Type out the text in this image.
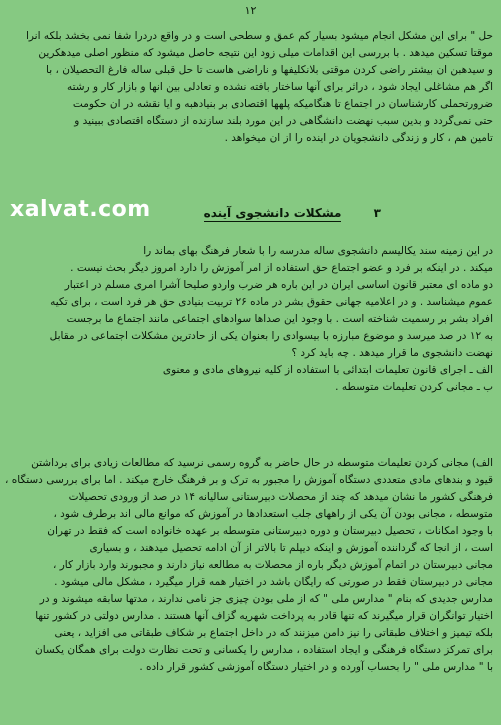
۱۲
حل " برای این مشکل انجام میشود بسیار کم عمق و سطحی است و در واقع دردرا شفا نمی بخشد بلکه انرا
موقتا تسکین میدهد . با بررسی این اقدامات میلی زود این نتیجه حاصل میشود که منظور اصلی میدهکرین
و سیدهبن ان بیشتر راضی کردن موقتی بلانکلیفها و ناراضی هاست تا حل قبلی ساله فارغ التحصیلان ، با
اگر هم مشاغلی ایجاد شود ، دراثر برای آنها ساختار بافته نشده و تعادلی بین انها و بازار کار و رشته
ضرورتحملی کارشناسان در اجتماع تا هنگامیکه پلهها اقتصادی بر بنیادهبه و ایا نقشه در ان حکومت
حتی نمی‌گردد و بدین سبب نهضت دانشگاهی در این مورد بلند سازنده از دستگاه اقتصادی ببینید و
تامین هم ، کار و زندگی دانشجویان در اینده را از ان میخواهد .
xalvat.com	۳ مشکلات دانشجوی آینده
در این زمینه سند یکالیسم دانشجوی ساله مدرسه را با شعار فرهنگ بهای بماند را
میکند . در اینکه بر فرد و عضو اجتماع حق استفاده از امر آموزش را دارد امروز دیگر بحث نیست .
دو ماده ای معتبر قانون اساسی ایران در این باره هر ضرب واردو صلیحا آشرا امری مسلم در اعتبار
عموم میشناسد . و در اعلامیه جهانی حقوق بشر در ماده ۲۶ تربیت بنیادی حق هر فرد است ، برای تکیه
افراد بشر بر رسمیت شناخته است . با وجود این صداها سوادهای اجتماعی مانند اجتماع ما برجست
به ۱۲ در صد میرسد و موضوع مبارزه با بیسوادی را بعنوان یکی از حادترین مشکلات اجتماعی در مقابل
نهضت دانشجوی ما قرار میدهد . چه باید کرد ؟
الف ـ اجرای قانون تعلیمات ابتدائی با استفاده از کلیه نیروهای مادی و معنوی
ب ـ مجانی کردن تعلیمات متوسطه .
الف) مجانی کردن تعلیمات متوسطه در حال حاضر به گروه رسمی نرسید که مطالعات زیادی برای برداشتن
قیود و بندهای مادی متعددی دستگاه آموزش را مجبور به ترک و بر فرهنگ خارج میکند . اما برای بررسی دستگاه ،
فرهنگی کشور ما نشان میدهد که چند از محصلات دبیرستانی سالیانه ۱۴ در صد از ورودی تحصیلات
متوسطه ، مجانی بودن آن یکی از راههای جلب استعدادها در آموزش که موانع مالی اند برطرف شود ،
با وجود امکانات ، تحصیل دبیرستان و دوره دبیرستانی متوسطه بر عهده خانواده است که فقط در تهران
است ، از انجا که گرداننده آموزش و اینکه دیپلم تا بالاتر از آن ادامه تحصیل میدهند ، و بسیاری
مجانی دبیرستان در اتمام آموزش دیگر باره از محصلات به مطالعه نیاز دارند و مجبورند وارد بازار کار ،
مجانی در دبیرستان فقط در صورتی که رایگان باشد در اختیار همه قرار میگیرد ، مشکل مالی میشود .
مدارس جدیدی که بنام " مدارس ملی " که از ملی بودن چیزی جز نامی ندارند ، مدتها سابقه میشوند و در
اختیار توانگران قرار میگیرند که تنها قادر به پرداخت شهریه گزاف آنها هستند . مدارس دولتی در کشور تنها
بلکه تیمیز و اختلاف طبقاتی را نیز دامن میزنند که در داخل اجتماع بر شکاف طبقاتی می افزاید ، یعنی
برای تمرکز دستگاه فرهنگی و ایجاد استفاده ، مدارس را یکسانی و تحت نظارت دولت برای همگان یکسان
با " مدارس ملی " را بحساب آورده و در اختیار دستگاه آموزشی کشور قرار داده .
